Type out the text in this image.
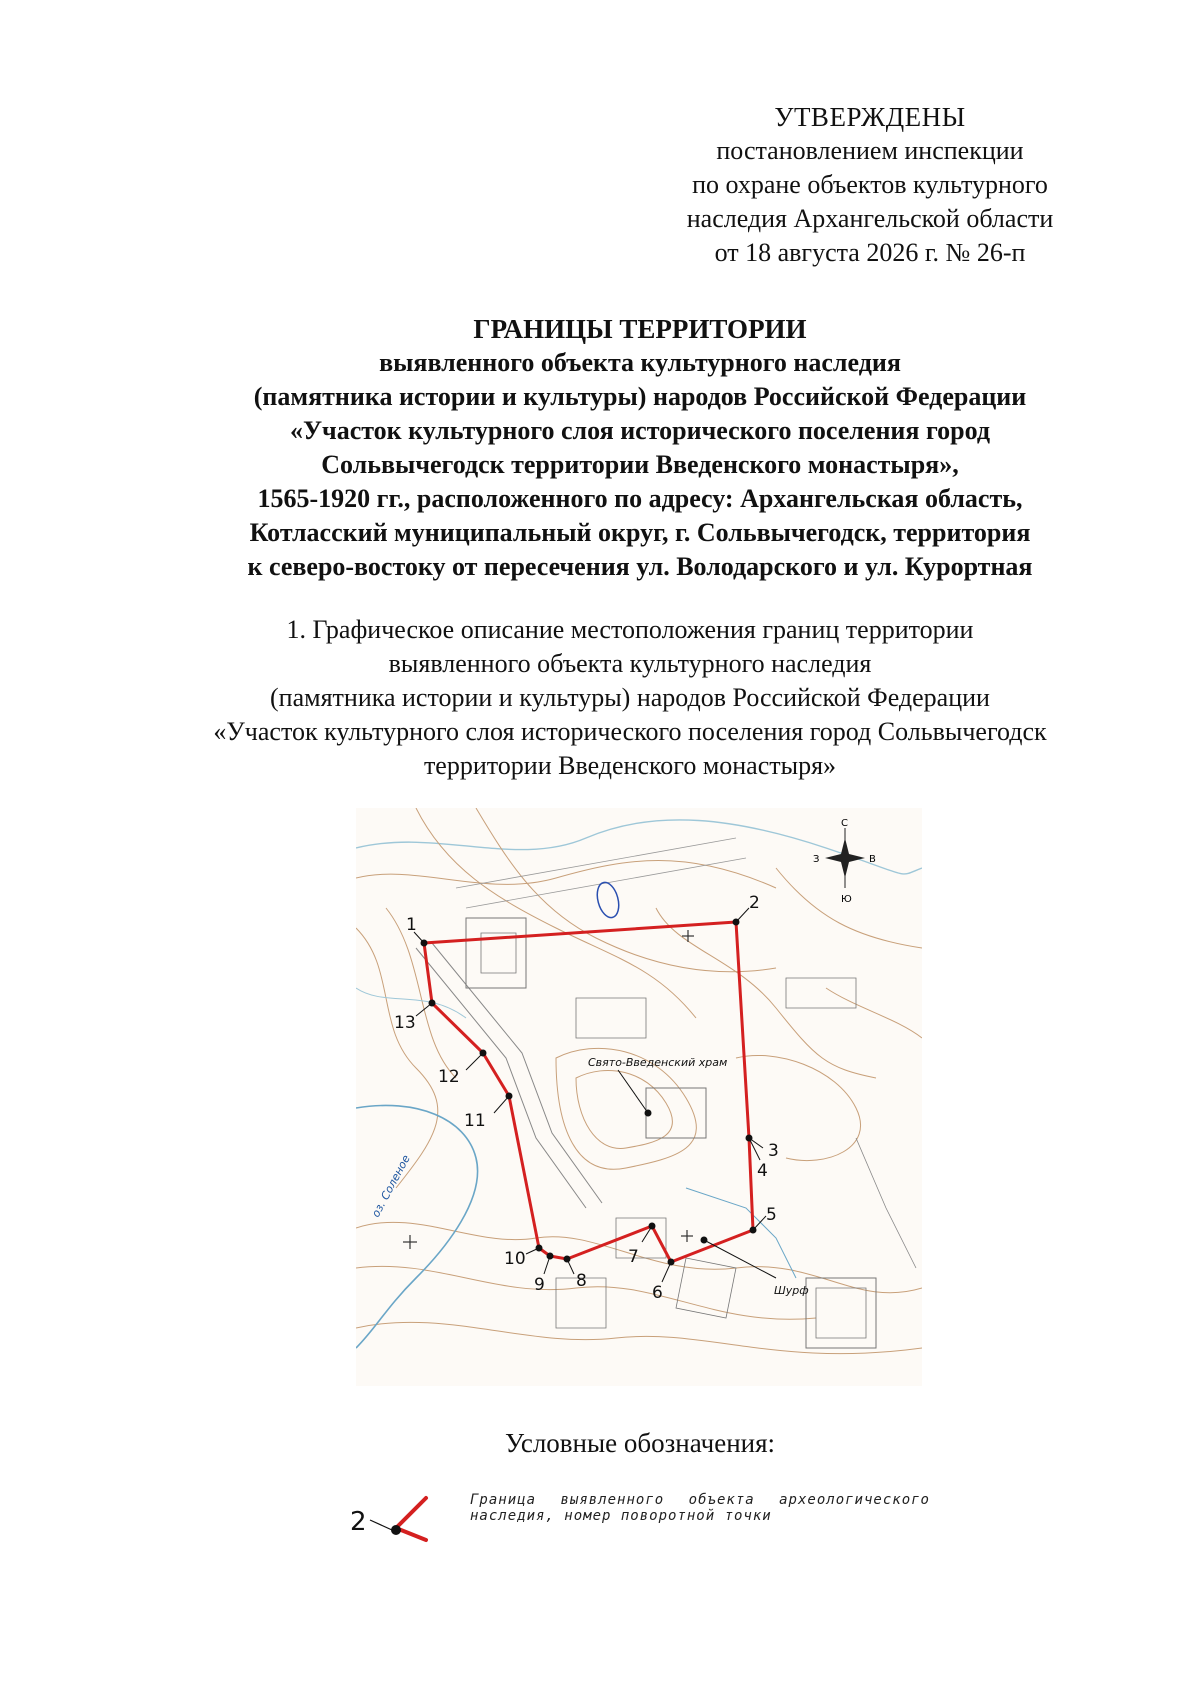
УТВЕРЖДЕНЫ
постановлением инспекции
по охране объектов культурного
наследия Архангельской области
от 18 августа 2026 г. № 26-п
ГРАНИЦЫ ТЕРРИТОРИИ
выявленного объекта культурного наследия
(памятника истории и культуры) народов Российской Федерации
«Участок культурного слоя исторического поселения город
Сольвычегодск территории Введенского монастыря»,
1565-1920 гг., расположенного по адресу: Архангельская область,
Котласский муниципальный округ, г. Сольвычегодск, территория
к северо-востоку от пересечения ул. Володарского и ул. Курортная
1. Графическое описание местоположения границ территории
выявленного объекта культурного наследия
(памятника истории и культуры) народов Российской Федерации
«Участок культурного слоя исторического поселения город Сольвычегодск
территории Введенского монастыря»
С
Ю
З	В
1
2
3
4
5
6
7
8
9
10
11
12
13
Свято-Введенский храм
Шурф
оз. Соленое
Условные обозначения:
2
Граница выявленного объекта археологического наследия, номер поворотной точки
